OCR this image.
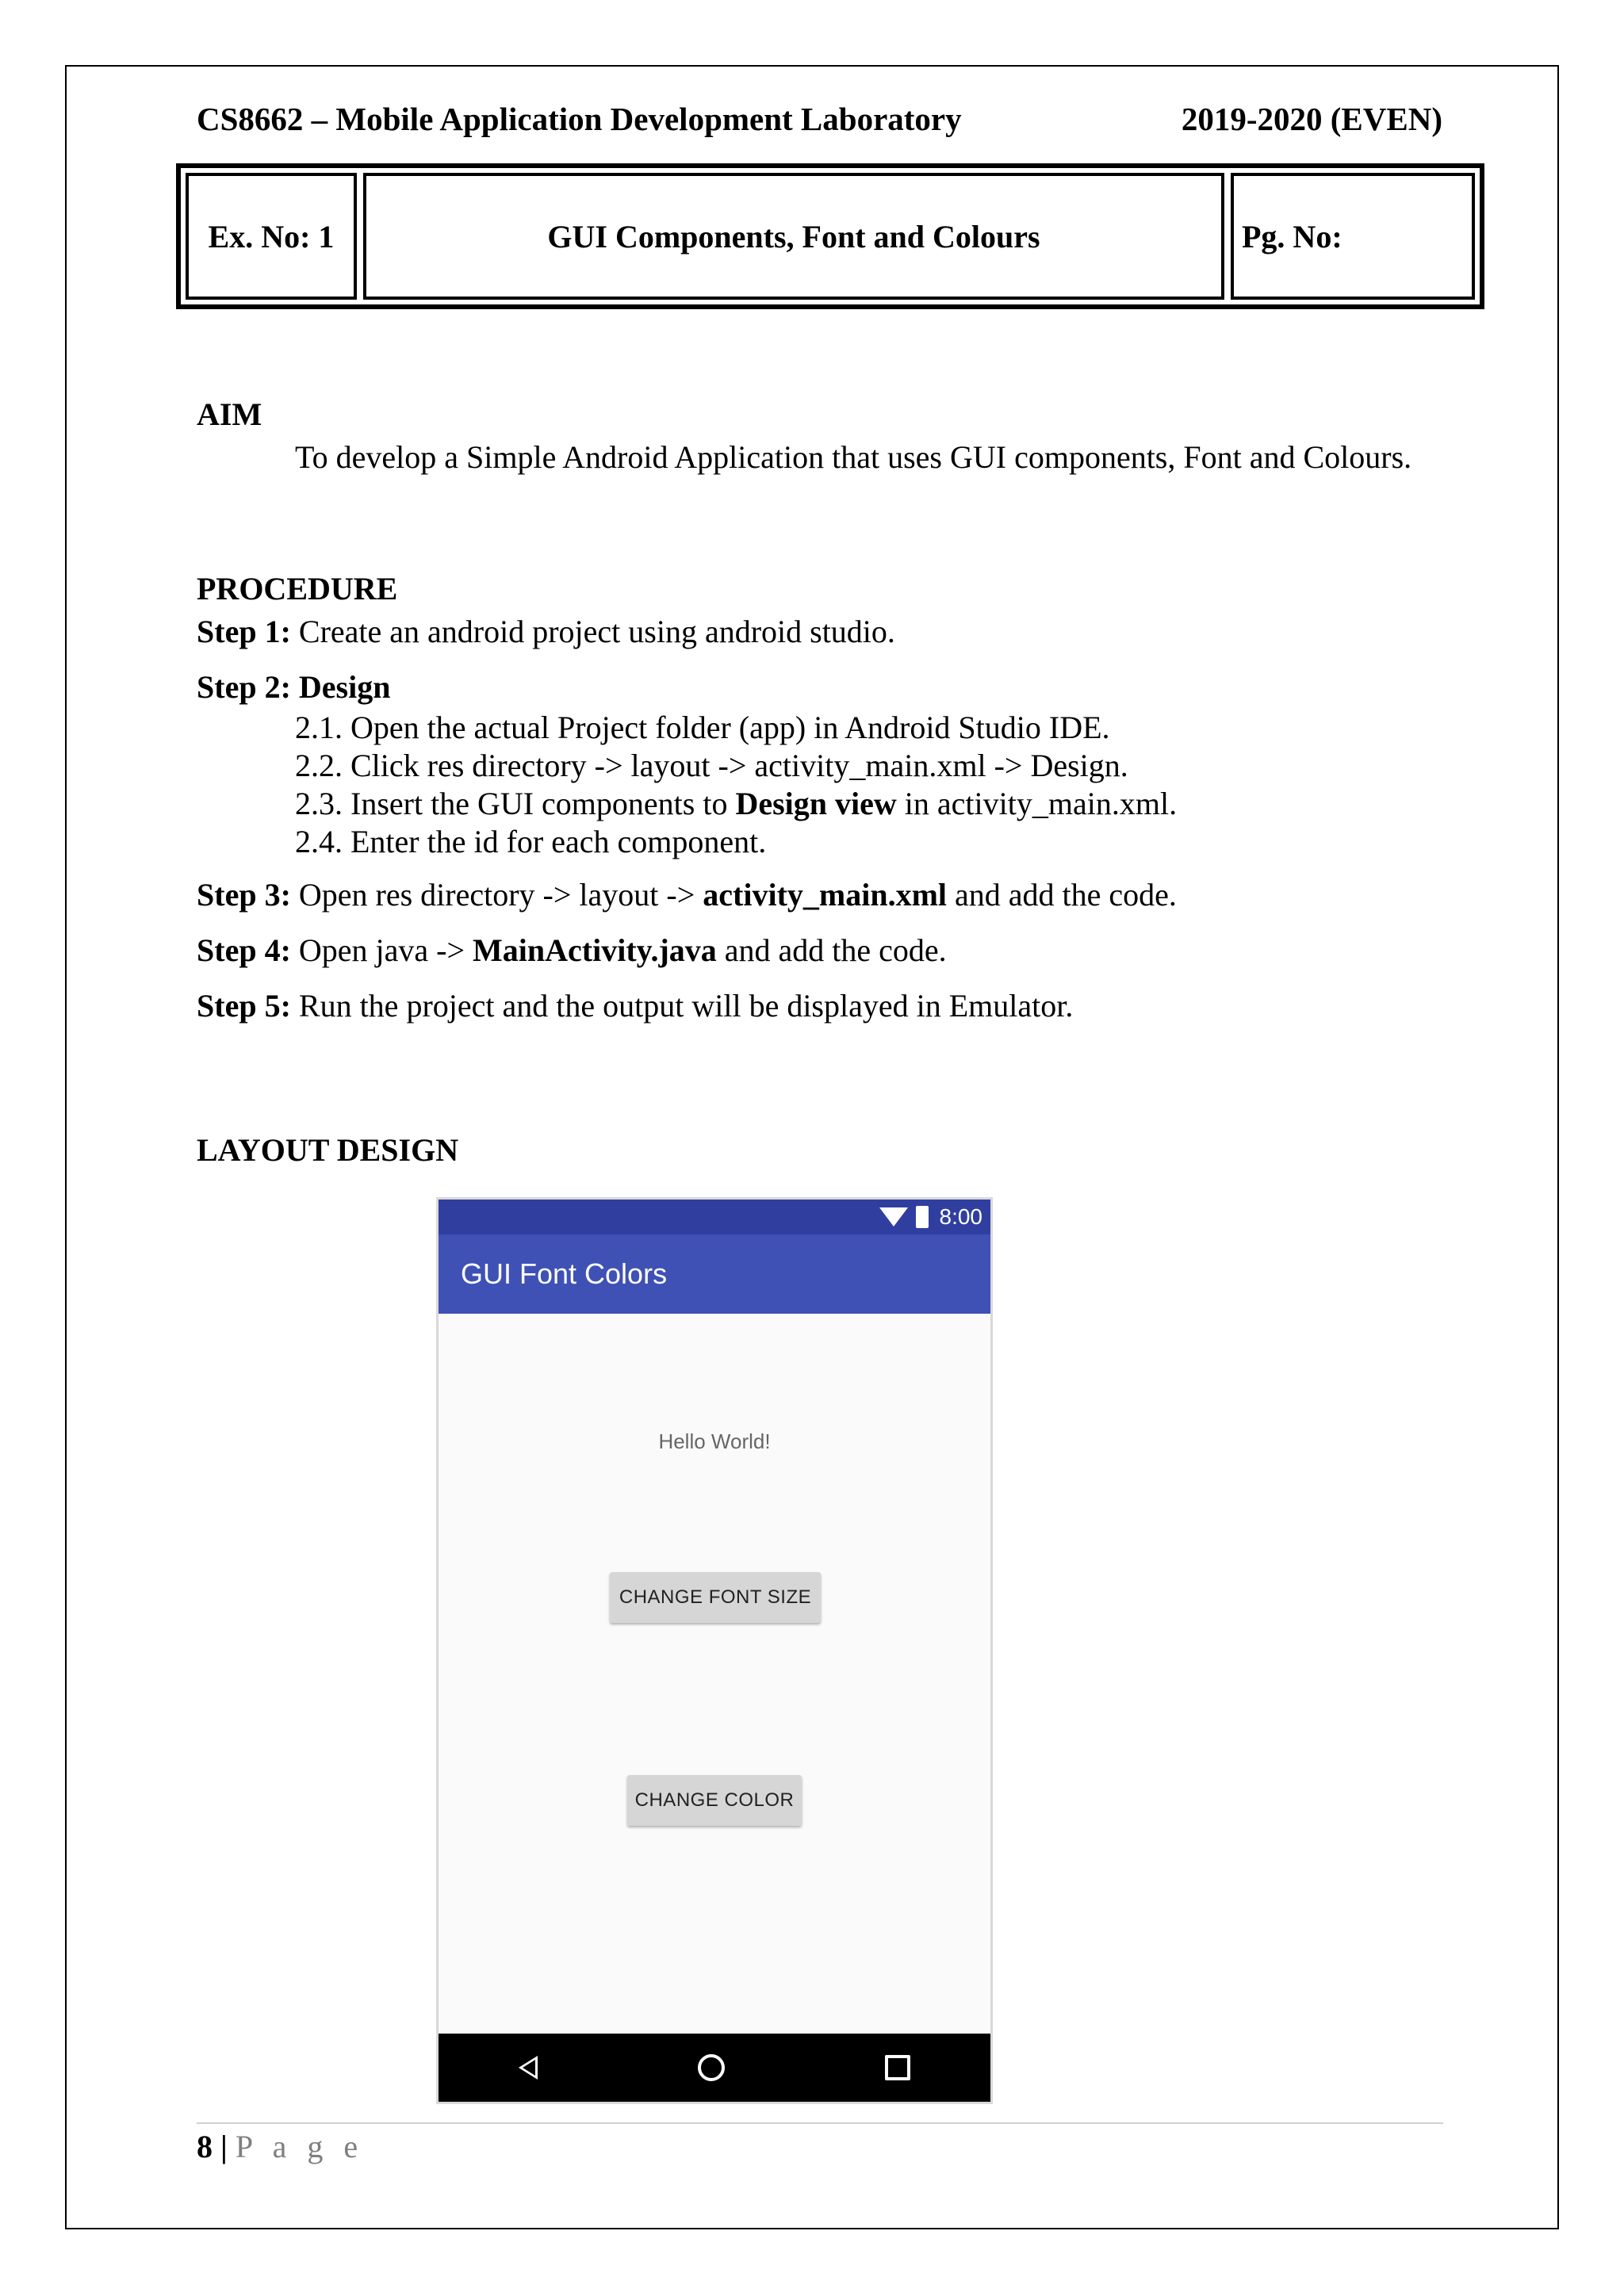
CS8662 – Mobile Application Development Laboratory	2019-2020 (EVEN)
Ex. No: 1	GUI Components, Font and Colours	Pg. No:

AIM

To develop a Simple Android Application that uses GUI components, Font and Colours.

PROCEDURE

Step 1: Create an android project using android studio.

Step 2: Design

2.1. Open the actual Project folder (app) in Android Studio IDE.

2.2. Click res directory -> layout -> activity_main.xml -> Design.

2.3. Insert the GUI components to Design view in activity_main.xml.

2.4. Enter the id for each component.

Step 3: Open res directory -> layout -> activity_main.xml and add the code.

Step 4: Open java -> MainActivity.java and add the code.

Step 5: Run the project and the output will be displayed in Emulator.

LAYOUT DESIGN
8:00
GUI Font Colors
Hello World!
CHANGE FONT SIZE
CHANGE COLOR
8 | P a g e
